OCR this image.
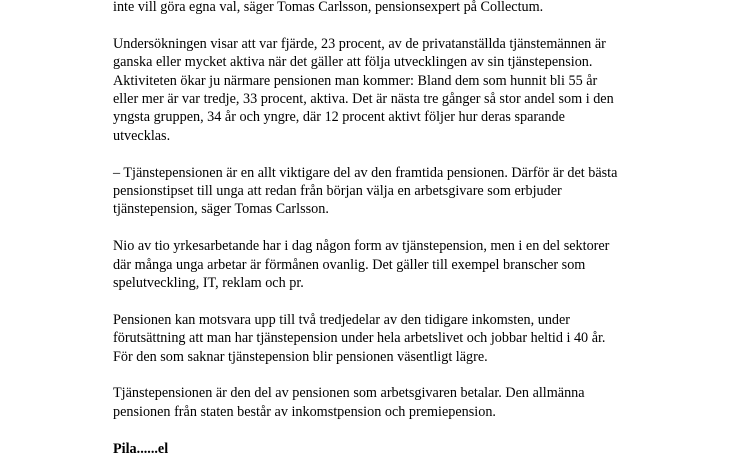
inte vill göra egna val, säger Tomas Carlsson, pensionsexpert på Collectum.

Undersökningen visar att var fjärde, 23 procent, av de privatanställda tjänstemännen är
ganska eller mycket aktiva när det gäller att följa utvecklingen av sin tjänstepension.
Aktiviteten ökar ju närmare pensionen man kommer: Bland dem som hunnit bli 55 år
eller mer är var tredje, 33 procent, aktiva. Det är nästa tre gånger så stor andel som i den
yngsta gruppen, 34 år och yngre, där 12 procent aktivt följer hur deras sparande
utvecklas.

– Tjänstepensionen är en allt viktigare del av den framtida pensionen. Därför är det bästa
pensionstipset till unga att redan från början välja en arbetsgivare som erbjuder
tjänstepension, säger Tomas Carlsson.

Nio av tio yrkesarbetande har i dag någon form av tjänstepension, men i en del sektorer
där många unga arbetar är förmånen ovanlig. Det gäller till exempel branscher som
spelutveckling, IT, reklam och pr.

Pensionen kan motsvara upp till två tredjedelar av den tidigare inkomsten, under
förutsättning att man har tjänstepension under hela arbetslivet och jobbar heltid i 40 år.
För den som saknar tjänstepension blir pensionen väsentligt lägre.

Tjänstepensionen är den del av pensionen som arbetsgivaren betalar. Den allmänna
pensionen från staten består av inkomstpension och premiepension.

Pila......el
